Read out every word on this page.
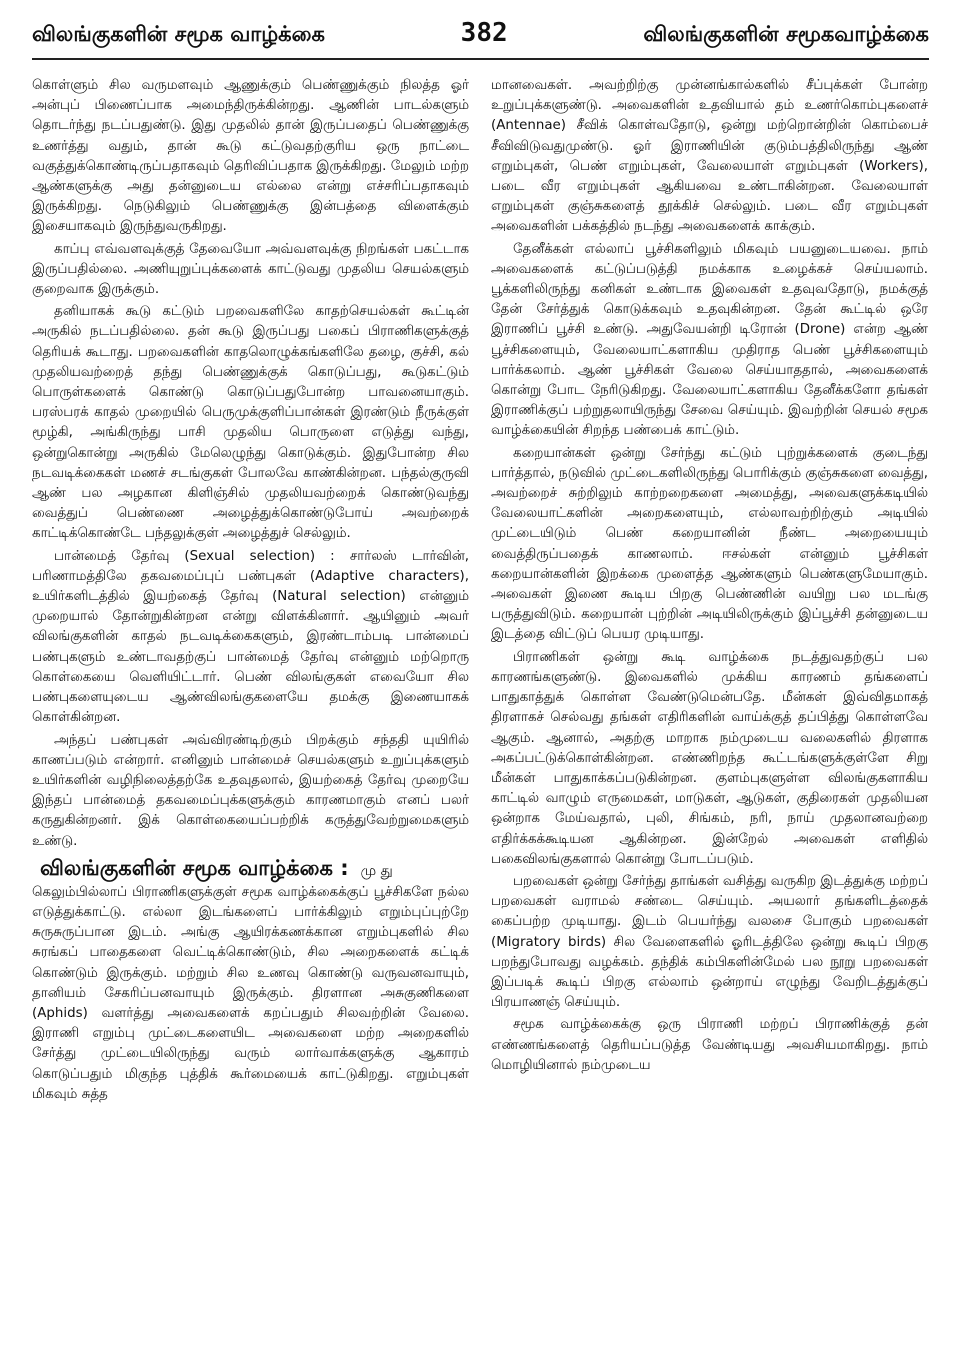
விலங்குகளின் சமூக வாழ்க்கை	382	விலங்குகளின் சமூகவாழ்க்கை

கொள்ளும் சில வருமளவும் ஆணுக்கும் பெண்ணுக்கும் நிலத்த ஓர் அன்புப் பிணைப்பாக அமைந்திருக்கின்றது. ஆணின் பாடல்களும் தொடர்ந்து நடப்பதுண்டு. இது முதலில் தான் இருப்பதைப் பெண்ணுக்கு உணர்த்து வதும், தான் கூடு கட்டுவதற்குரிய ஒரு நாட்டை வகுத்துக்கொண்டிருப்பதாகவும் தெரிவிப்பதாக இருக்கிறது. மேலும் மற்ற ஆண்களுக்கு அது தன்னுடைய எல்லை என்று எச்சரிப்பதாகவும் இருக்கிறது. நெடுகிலும் பெண்ணுக்கு இன்பத்தை விளைக்கும் இசையாகவும் இருந்துவருகிறது.

காப்பு எவ்வளவுக்குத் தேவையோ அவ்வளவுக்கு நிறங்கள் பகட்டாக இருப்பதில்லை. அணியுறுப்புக்களைக் காட்டுவது முதலிய செயல்களும் குறைவாக இருக்கும்.

தனியாகக் கூடு கட்டும் பறவைகளிலே காதற்செயல்கள் கூட்டின் அருகில் நடப்பதில்லை. தன் கூடு இருப்பது பகைப் பிராணிகளுக்குத் தெரியக் கூடாது. பறவைகளின் காதலொழுக்கங்களிலே தழை, குச்சி, கல் முதலியவற்றைத் தந்து பெண்ணுக்குக் கொடுப்பது, கூடுகட்டும் பொருள்களைக் கொண்டு கொடுப்பதுபோன்ற பாவனையாகும். பரஸ்பரக் காதல் முறையில் பெருமுக்குளிப்பான்கள் இரண்டும் நீருக்குள் மூழ்கி, அங்கிருந்து பாசி முதலிய பொருளை எடுத்து வந்து, ஒன்றுகொன்று அருகில் மேலெழுந்து கொடுக்கும். இதுபோன்ற சில நடவடிக்கைகள் மணச் சடங்குகள் போலவே காண்கின்றன. பந்தல்குருவி ஆண் பல அழகான கிளிஞ்சில் முதலியவற்றைக் கொண்டுவந்து வைத்துப் பெண்ணை அழைத்துக்கொண்டுபோய் அவற்றைக் காட்டிக்கொண்டே பந்தலுக்குள் அழைத்துச் செல்லும்.

பான்மைத் தேர்வு (Sexual selection) : சார்லஸ் டார்வின், பரிணாமத்திலே தகவமைப்புப் பண்புகள் (Adaptive characters), உயிர்களிடத்தில் இயற்கைத் தேர்வு (Natural selection) என்னும் முறையால் தோன்றுகின்றன என்று விளக்கினார். ஆயினும் அவர் விலங்குகளின் காதல் நடவடிக்கைகளும், இரண்டாம்படி பான்மைப் பண்புகளும் உண்டாவதற்குப் பான்மைத் தேர்வு என்னும் மற்றொரு கொள்கையை வெளியிட்டார். பெண் விலங்குகள் எவையோ சில பண்புகளையுடைய ஆண்விலங்குகளையே தமக்கு இணையாகக் கொள்கின்றன.

அந்தப் பண்புகள் அவ்விரண்டிற்கும் பிறக்கும் சந்ததி யுயிரில் காணப்படும் என்றார். எனினும் பான்மைச் செயல்களும் உறுப்புக்களும் உயிர்களின் வழிநிலைத்தற்கே உதவுதலால், இயற்கைத் தேர்வு முறையே இந்தப் பான்மைத் தகவமைப்புக்களுக்கும் காரணமாகும் எனப் பலர் கருதுகின்றனர். இக் கொள்கையைப்பற்றிக் கருத்துவேற்றுமைகளும் உண்டு.

விலங்குகளின் சமூக வாழ்க்கை : மு து

கெலும்பில்லாப் பிராணிகளுக்குள் சமூக வாழ்க்கைக்குப் பூச்சிகளே நல்ல எடுத்துக்காட்டு. எல்லா இடங்களைப் பார்க்கிலும் எறும்புப்புற்றே சுருசுருப்பான இடம். அங்கு ஆயிரக்கணக்கான எறும்புகளில் சில சுரங்கப் பாதைகளை வெட்டிக்கொண்டும், சில அறைகளைக் கட்டிக் கொண்டும் இருக்கும். மற்றும் சில உணவு கொண்டு வருவனவாயும், தானியம் சேகரிப்பனவாயும் இருக்கும். திரளான அசுகுணிகளை (Aphids) வளர்த்து அவைகளைக் கறப்பதும் சிலவற்றின் வேலை. இராணி எறும்பு முட்டைகளையிட அவைகளை மற்ற அறைகளில் சேர்த்து முட்டையிலிருந்து வரும் லார்வாக்களுக்கு ஆகாரம் கொடுப்பதும் மிகுந்த புத்திக் கூர்மையைக் காட்டுகிறது. எறும்புகள் மிகவும் சுத்த

மானவைகள். அவற்றிற்கு முன்னங்கால்களில் சீப்புக்கள் போன்ற உறுப்புக்களுண்டு. அவைகளின் உதவியால் தம் உணர்கொம்புகளைச் (Antennae) சீவிக் கொள்வதோடு, ஒன்று மற்றொன்றின் கொம்பைச் சீவிவிடுவதுமுண்டு. ஓர் இராணியின் குடும்பத்திலிருந்து ஆண் எறும்புகள், பெண் எறும்புகள், வேலையாள் எறும்புகள் (Workers), படை வீர எறும்புகள் ஆகியவை உண்டாகின்றன. வேலையாள் எறும்புகள் குஞ்சுகளைத் தூக்கிச் செல்லும். படை வீர எறும்புகள் அவைகளின் பக்கத்தில் நடந்து அவைகளைக் காக்கும்.

தேனீக்கள் எல்லாப் பூச்சிகளிலும் மிகவும் பயனுடையவை. நாம் அவைகளைக் கட்டுப்படுத்தி நமக்காக உழைக்கச் செய்யலாம். பூக்களிலிருந்து கனிகள் உண்டாக இவைகள் உதவுவதோடு, நமக்குத் தேன் சேர்த்துக் கொடுக்கவும் உதவுகின்றன. தேன் கூட்டில் ஒரே இராணிப் பூச்சி உண்டு. அதுவேயன்றி டிரோன் (Drone) என்ற ஆண் பூச்சிகளையும், வேலையாட்களாகிய முதிராத பெண் பூச்சிகளையும் பார்க்கலாம். ஆண் பூச்சிகள் வேலை செய்யாததால், அவைகளைக் கொன்று போட நேரிடுகிறது. வேலையாட்களாகிய தேனீக்களோ தங்கள் இராணிக்குப் பற்றுதலாயிருந்து சேவை செய்யும். இவற்றின் செயல் சமூக வாழ்க்கையின் சிறந்த பண்பைக் காட்டும்.

கறையான்கள் ஒன்று சேர்ந்து கட்டும் புற்றுக்களைக் குடைந்து பார்த்தால், நடுவில் முட்டைகளிலிருந்து பொரிக்கும் குஞ்சுகளை வைத்து, அவற்றைச் சுற்றிலும் காற்றறைகளை அமைத்து, அவைகளுக்கடியில் வேலையாட்களின் அறைகளையும், எல்லாவற்றிற்கும் அடியில் முட்டையிடும் பெண் கறையானின் நீண்ட அறையையும் வைத்திருப்பதைக் காணலாம். ஈசல்கள் என்னும் பூச்சிகள் கறையான்களின் இறக்கை முளைத்த ஆண்களும் பெண்களுமேயாகும். அவைகள் இணை கூடிய பிறகு பெண்ணின் வயிறு பல மடங்கு பருத்துவிடும். கறையான் புற்றின் அடியிலிருக்கும் இப்பூச்சி தன்னுடைய இடத்தை விட்டுப் பெயர முடியாது.

பிராணிகள் ஒன்று கூடி வாழ்க்கை நடத்துவதற்குப் பல காரணங்களுண்டு. இவைகளில் முக்கிய காரணம் தங்களைப் பாதுகாத்துக் கொள்ள வேண்டுமென்பதே. மீன்கள் இவ்விதமாகத் திரளாகச் செல்வது தங்கள் எதிரிகளின் வாய்க்குத் தப்பித்து கொள்ளவே ஆகும். ஆனால், அதற்கு மாறாக நம்முடைய வலைகளில் திரளாக அகப்பட்டுக்கொள்கின்றன. எண்ணிறந்த கூட்டங்களுக்குள்ளே சிறு மீன்கள் பாதுகாக்கப்படுகின்றன. குளம்புகளுள்ள விலங்குகளாகிய காட்டில் வாழும் எருமைகள், மாடுகள், ஆடுகள், குதிரைகள் முதலியன ஒன்றாக மேய்வதால், புலி, சிங்கம், நரி, நாய் முதலானவற்றை எதிர்க்கக்கூடியன ஆகின்றன. இன்றேல் அவைகள் எளிதில் பகைவிலங்குகளால் கொன்று போடப்படும்.

பறவைகள் ஒன்று சேர்ந்து தாங்கள் வசித்து வருகிற இடத்துக்கு மற்றப் பறவைகள் வராமல் சண்டை செய்யும். அயலார் தங்களிடத்தைக் கைப்பற்ற முடியாது. இடம் பெயர்ந்து வலசை போகும் பறவைகள் (Migratory birds) சில வேளைகளில் ஓரிடத்திலே ஒன்று கூடிப் பிறகு பறந்துபோவது வழக்கம். தந்திக் கம்பிகளின்மேல் பல நூறு பறவைகள் இப்படிக் கூடிப் பிறகு எல்லாம் ஒன்றாய் எழுந்து வேறிடத்துக்குப் பிரயாணஞ் செய்யும்.

சமூக வாழ்க்கைக்கு ஒரு பிராணி மற்றப் பிராணிக்குத் தன் எண்ணங்களைத் தெரியப்படுத்த வேண்டியது அவசியமாகிறது. நாம் மொழியினால் நம்முடைய
